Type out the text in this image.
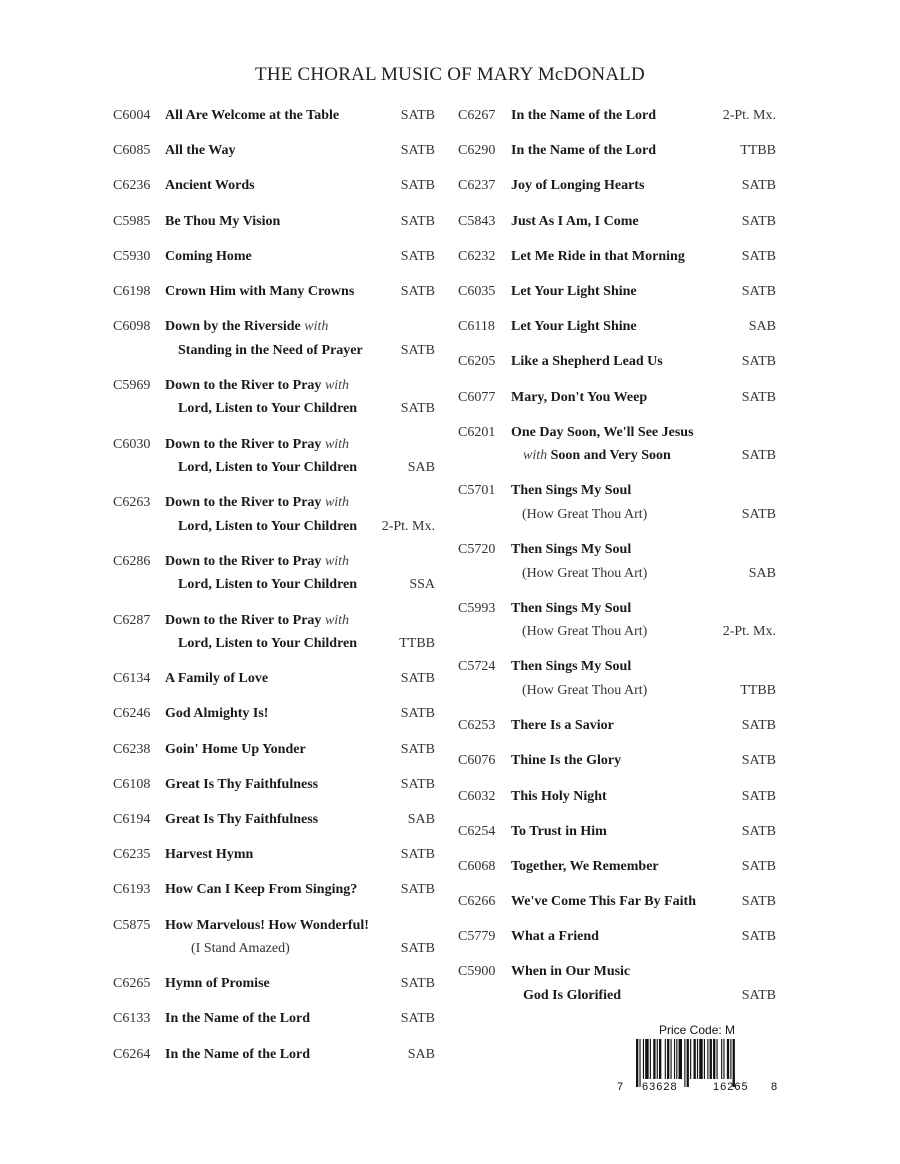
THE CHORAL MUSIC OF MARY McDONALD
C6004 All Are Welcome at the Table	SATB
C6085 All the Way	SATB
C6236 Ancient Words	SATB
C5985 Be Thou My Vision	SATB
C5930 Coming Home	SATB
C6198 Crown Him with Many Crowns	SATB
C6098 Down by the Riverside with
Standing in the Need of Prayer	SATB
C5969 Down to the River to Pray with
Lord, Listen to Your Children	SATB
C6030 Down to the River to Pray with
Lord, Listen to Your Children	SAB
C6263 Down to the River to Pray with
Lord, Listen to Your Children 2-Pt. Mx.
C6286 Down to the River to Pray with
Lord, Listen to Your Children	SSA
C6287 Down to the River to Pray with
Lord, Listen to Your Children	TTBB
C6134 A Family of Love	SATB
C6246 God Almighty Is!	SATB
C6238 Goin' Home Up Yonder	SATB
C6108 Great Is Thy Faithfulness	SATB
C6194 Great Is Thy Faithfulness	SAB
C6235 Harvest Hymn	SATB
C6193 How Can I Keep From Singing?	SATB
C5875 How Marvelous! How Wonderful!
(I Stand Amazed)	SATB
C6265 Hymn of Promise	SATB
C6133 In the Name of the Lord	SATB
C6264 In the Name of the Lord	SAB
C6267 In the Name of the Lord	2-Pt. Mx.
C6290 In the Name of the Lord	TTBB
C6237 Joy of Longing Hearts	SATB
C5843 Just As I Am, I Come	SATB
C6232 Let Me Ride in that Morning	SATB
C6035 Let Your Light Shine	SATB
C6118 Let Your Light Shine	SAB
C6205 Like a Shepherd Lead Us	SATB
C6077 Mary, Don't You Weep	SATB
C6201 One Day Soon, We'll See Jesus
with Soon and Very Soon	SATB
C5701 Then Sings My Soul
(How Great Thou Art)	SATB
C5720 Then Sings My Soul
(How Great Thou Art)	SAB
C5993 Then Sings My Soul
(How Great Thou Art)	2-Pt. Mx.
C5724 Then Sings My Soul
(How Great Thou Art)	TTBB
C6253 There Is a Savior	SATB
C6076 Thine Is the Glory	SATB
C6032 This Holy Night	SATB
C6254 To Trust in Him	SATB
C6068 Together, We Remember	SATB
C6266 We've Come This Far By Faith	SATB
C5779 What a Friend	SATB
C5900 When in Our Music
God Is Glorified	SATB
Price Code: M
7 63628	16265 8
